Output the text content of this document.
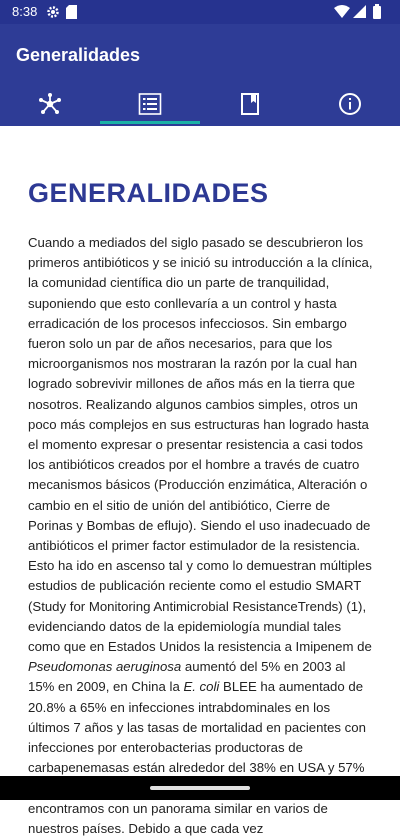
8:38
Generalidades
GENERALIDADES

Cuando a mediados del siglo pasado se descubrieron los primeros antibióticos y se inició su introducción a la clínica, la comunidad científica dio un parte de tranquilidad, suponiendo que esto conllevaría a un control y hasta erradicación de los procesos infecciosos. Sin embargo fueron solo un par de años necesarios, para que los microorganismos nos mostraran la razón por la cual han logrado sobrevivir millones de años más en la tierra que nosotros. Realizando algunos cambios simples, otros un poco más complejos en sus estructuras han logrado hasta el momento expresar o presentar resistencia a casi todos los antibióticos creados por el hombre a través de cuatro mecanismos básicos (Producción enzimática, Alteración o cambio en el sitio de unión del antibiótico, Cierre de Porinas y Bombas de eflujo). Siendo el uso inadecuado de antibióticos el primer factor estimulador de la resistencia. Esto ha ido en ascenso tal y como lo demuestran múltiples estudios de publicación reciente como el estudio SMART (Study for Monitoring Antimicrobial ResistanceTrends) (1), evidenciando datos de la epidemiología mundial tales como que en Estados Unidos la resistencia a Imipenem de Pseudomonas aeruginosa aumentó del 5% en 2003 al 15% en 2009, en China la E. coli BLEE ha aumentado de 20.8% a 65% en infecciones intrabdominales en los últimos 7 años y las tasas de mortalidad en pacientes con infecciones por enterobacterias productoras de carbapenemasas están alrededor del 38% en USA y 57% encontramos con un panorama similar en varios de nuestros países. Debido a que cada vez
